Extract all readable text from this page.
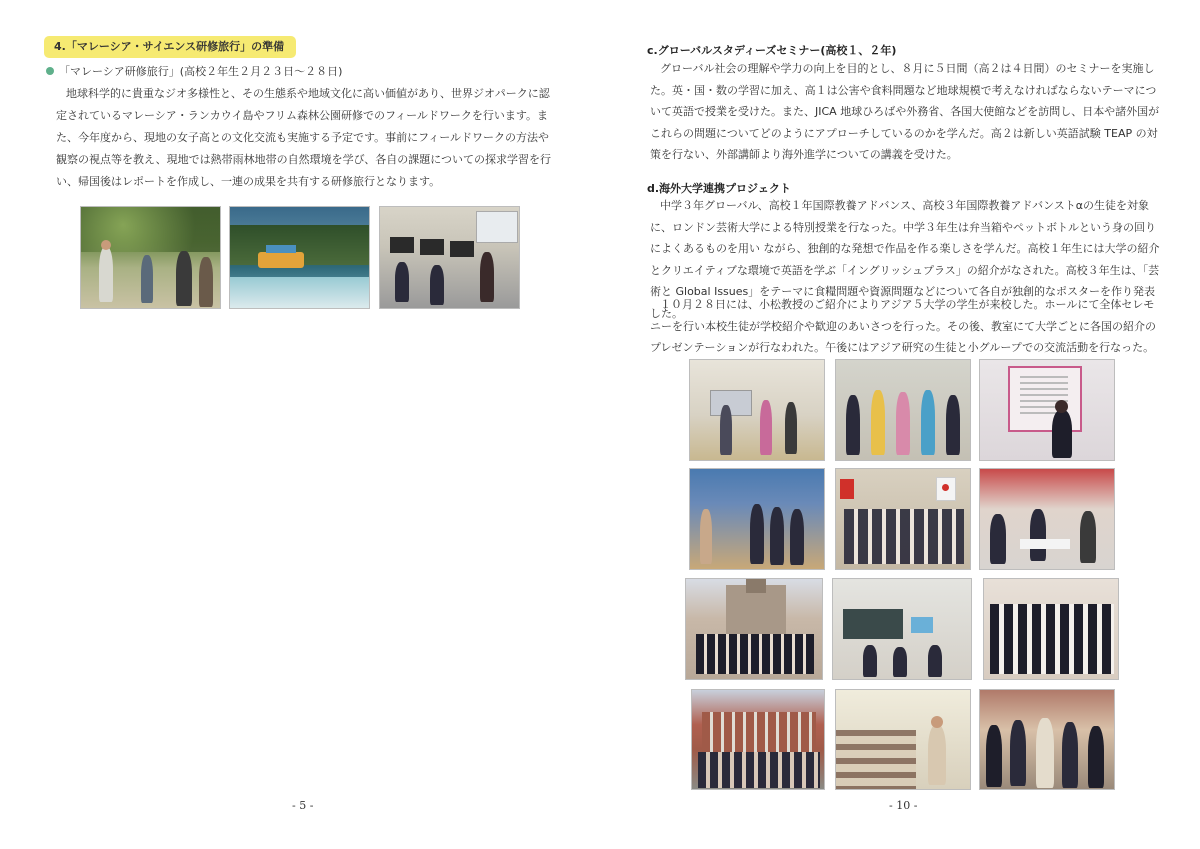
4.「マレーシア・サイエンス研修旅行」の準備
「マレーシア研修旅行」(高校２年生２月２３日～２８日)
地球科学的に貴重なジオ多様性と、その生態系や地域文化に高い価値があり、世界ジオパークに認定されているマレーシア・ランカウイ島やフリム森林公園研修でのフィールドワークを行います。また、今年度から、現地の女子高との文化交流も実施する予定です。事前にフィールドワークの方法や観察の視点等を教え、現地では熱帯雨林地帯の自然環境を学び、各自の課題についての探求学習を行い、帰国後はレポートを作成し、一連の成果を共有する研修旅行となります。
- 5 -
c.グローバルスタディーズセミナー(高校１、２年)
グローバル社会の理解や学力の向上を目的とし、８月に５日間（高２は４日間）のセミナーを実施した。英・国・数の学習に加え、高１は公害や食料問題など地球規模で考えなければならないテーマについて英語で授業を受けた。また、JICA 地球ひろばや外務省、各国大使館などを訪問し、日本や諸外国がこれらの問題についてどのようにアプローチしているのかを学んだ。高２は新しい英語試験 TEAP の対策を行ない、外部講師より海外進学についての講義を受けた。
d.海外大学連携プロジェクト
中学３年グローバル、高校１年国際教養アドバンス、高校３年国際教養アドバンストαの生徒を対象に、ロンドン芸術大学による特別授業を行なった。中学３年生は弁当箱やペットボトルという身の回りによくあるものを用い ながら、独創的な発想で作品を作る楽しさを学んだ。高校１年生には大学の紹介とクリエイティブな環境で英語を学ぶ「イングリッシュプラス」の紹介がなされた。高校３年生は、「芸術と Global Issues」をテーマに食糧問題や資源問題などについて各自が独創的なポスターを作り発表した。
１０月２８日には、小松教授のご紹介によりアジア５大学の学生が来校した。ホールにて全体セレモニーを行い本校生徒が学校紹介や歓迎のあいさつを行った。その後、教室にて大学ごとに各国の紹介のプレゼンテーションが行なわれた。午後にはアジア研究の生徒と小グループでの交流活動を行なった。
- 10 -
